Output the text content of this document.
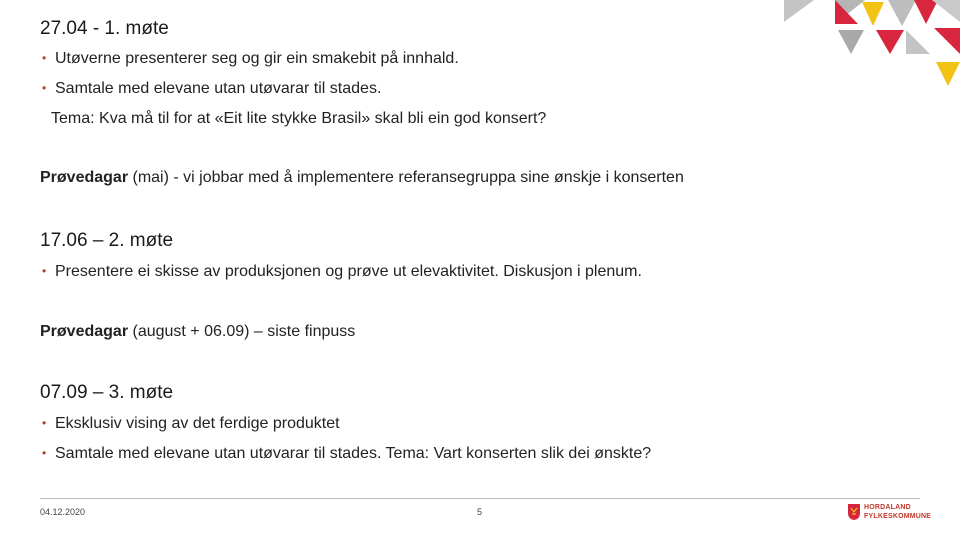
27.04 - 1. møte
• Utøverne presenterer seg og gir ein smakebit på innhald.
• Samtale med elevane utan utøvarar til stades.
Tema: Kva må til for at «Eit lite stykke Brasil» skal bli ein god konsert?
Prøvedagar (mai) - vi jobbar med å implementere referansegruppa sine ønskje i konserten
17.06 – 2. møte
• Presentere ei skisse av produksjonen og prøve ut elevaktivitet. Diskusjon i plenum.
Prøvedagar (august + 06.09) – siste finpuss
07.09 – 3. møte
• Eksklusiv vising av det ferdige produktet
• Samtale med elevane utan utøvarar til stades. Tema: Vart konserten slik dei ønskte?
04.12.2020	5	HORDALAND
FYLKESKOMMUNE
